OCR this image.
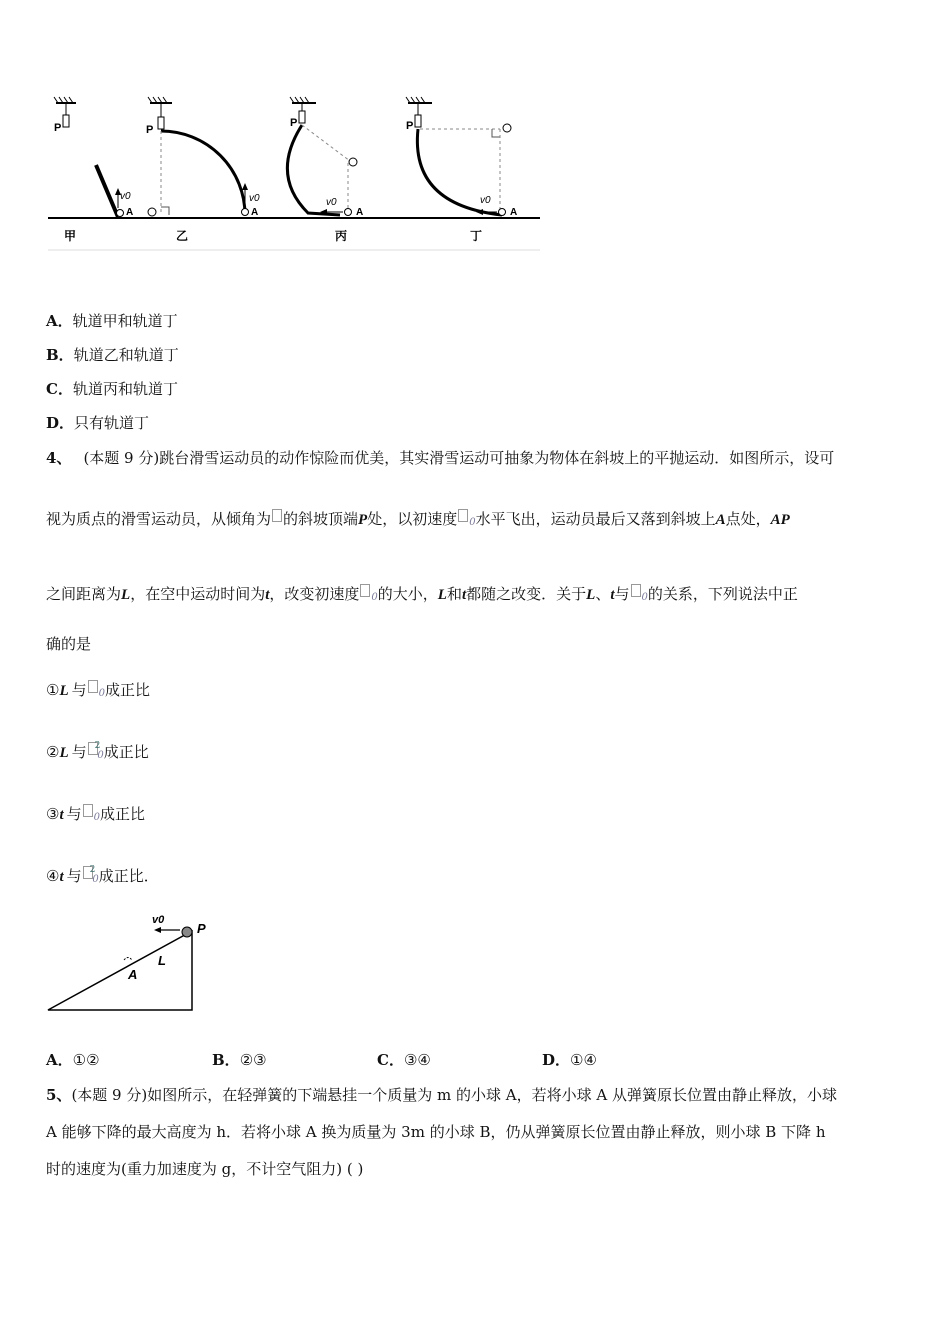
P
v0
A
甲
P
v0
A
乙
P
v0
A
丙
P
v0
A
丁
A．轨道甲和轨道丁
B．轨道乙和轨道丁
C．轨道丙和轨道丁
D．只有轨道丁
4、 (本题 9 分)跳台滑雪运动员的动作惊险而优美，其实滑雪运动可抽象为物体在斜坡上的平抛运动．如图所示，设可
视为质点的滑雪运动员，从倾角为 的斜坡顶端P处，以初速度 0水平飞出，运动员最后又落到斜坡上A点处，AP
之间距离为L，在空中运动时间为t，改变初速度 0的大小，L和t都随之改变．关于L、t与 0的关系，下列说法中正
确的是
①L 与 0成正比
②L 与 $^2$0成正比
③t 与 0成正比
④t 与 $^2$0成正比．
v0
P
L
A
A．①②	B．②③	C．③④	D．①④
5、(本题 9 分)如图所示，在轻弹簧的下端悬挂一个质量为 m 的小球 A，若将小球 A 从弹簧原长位置由静止释放，小球
A 能够下降的最大高度为 h．若将小球 A 换为质量为 3m 的小球 B，仍从弹簧原长位置由静止释放，则小球 B 下降 h
时的速度为(重力加速度为 g，不计空气阻力) ( )
